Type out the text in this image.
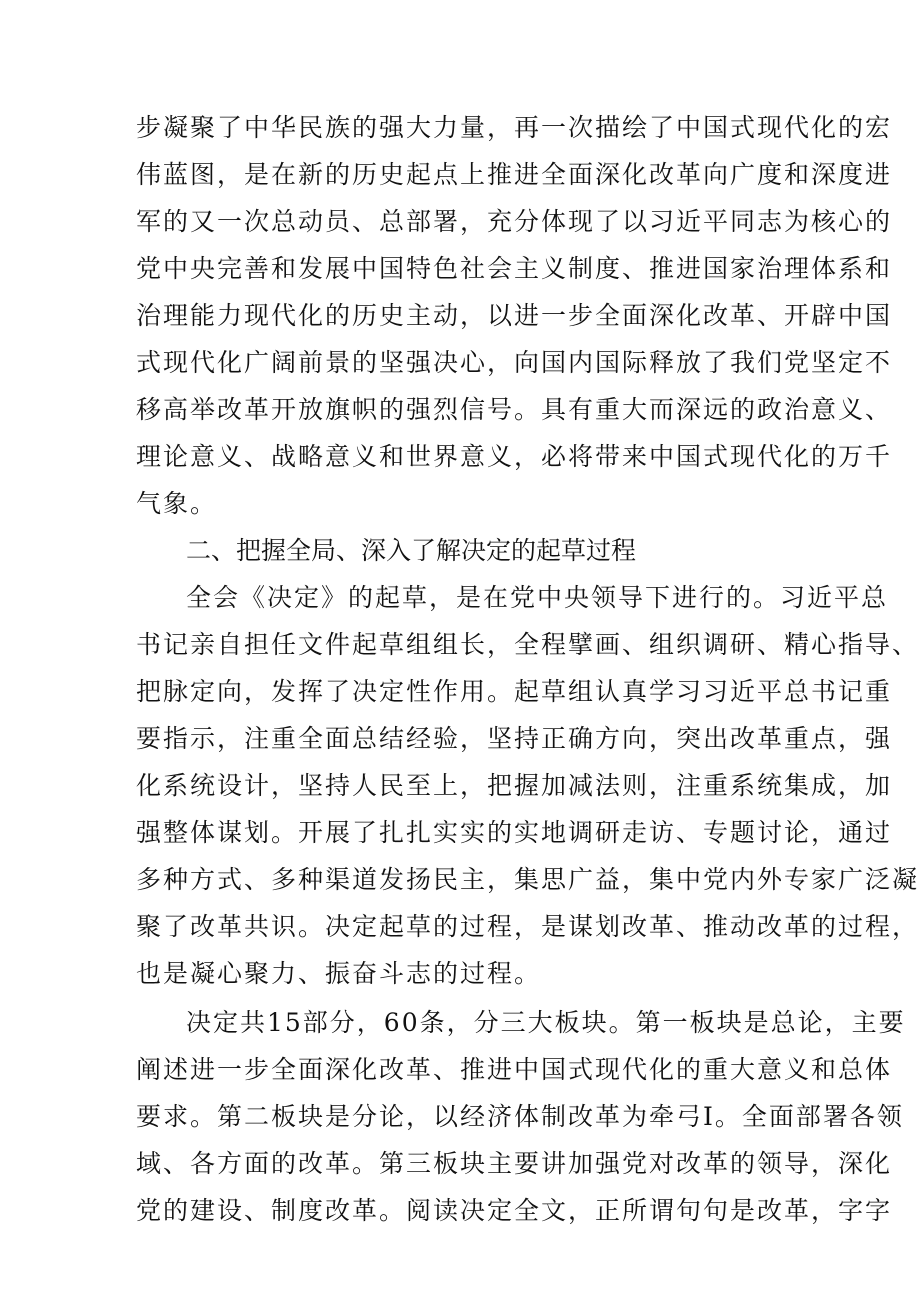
步凝聚了中华民族的强大力量，再一次描绘了中国式现代化的宏
伟蓝图，是在新的历史起点上推进全面深化改革向广度和深度进
军的又一次总动员、总部署，充分体现了以习近平同志为核心的
党中央完善和发展中国特色社会主义制度、推进国家治理体系和
治理能力现代化的历史主动，以进一步全面深化改革、开辟中国
式现代化广阔前景的坚强决心，向国内国际释放了我们党坚定不
移高举改革开放旗帜的强烈信号。具有重大而深远的政治意义、
理论意义、战略意义和世界意义，必将带来中国式现代化的万千
气象。
二、把握全局、深入了解决定的起草过程
全会《决定》的起草，是在党中央领导下进行的。习近平总
书记亲自担任文件起草组组长，全程擘画、组织调研、精心指导、
把脉定向，发挥了决定性作用。起草组认真学习习近平总书记重
要指示，注重全面总结经验，坚持正确方向，突出改革重点，强
化系统设计，坚持人民至上，把握加减法则，注重系统集成，加
强整体谋划。开展了扎扎实实的实地调研走访、专题讨论，通过
多种方式、多种渠道发扬民主，集思广益，集中党内外专家广泛凝
聚了改革共识。决定起草的过程，是谋划改革、推动改革的过程，
也是凝心聚力、振奋斗志的过程。
决定共15部分，60条，分三大板块。第一板块是总论，主要
阐述进一步全面深化改革、推进中国式现代化的重大意义和总体
要求。第二板块是分论，以经济体制改革为牵弓I。全面部署各领
域、各方面的改革。第三板块主要讲加强党对改革的领导，深化
党的建设、制度改革。阅读决定全文，正所谓句句是改革，字字
